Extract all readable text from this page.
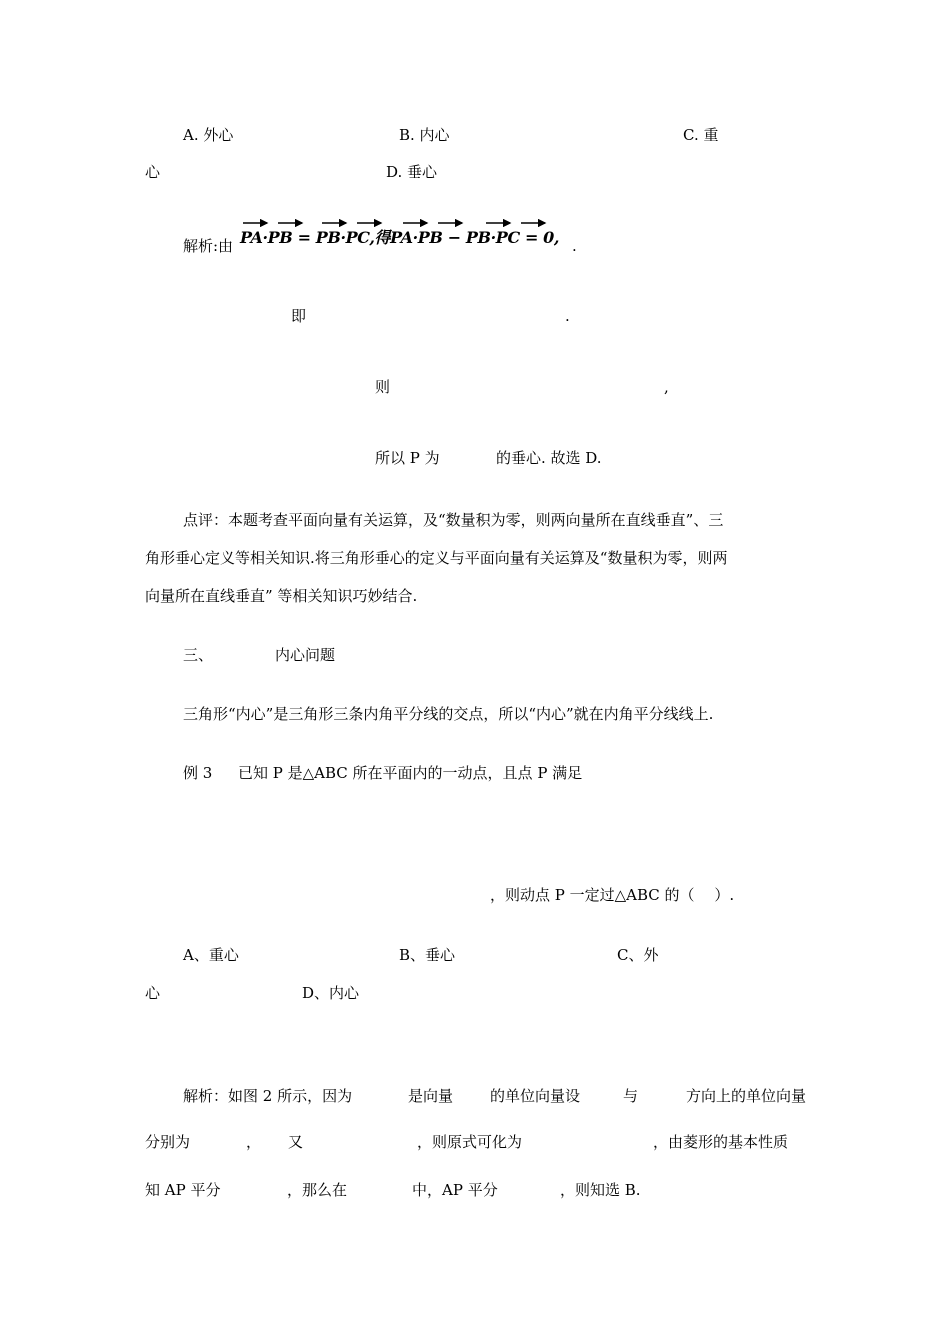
A. 外心	B. 内心	C. 重
心	D. 垂心
解析:由 PA·PB = PB·PC,得PA·PB − PB·PC = 0, .
即	.
则	,
所以 P 为	的垂心. 故选 D.
点评：本题考查平面向量有关运算，及“数量积为零，则两向量所在直线垂直”、三
角形垂心定义等相关知识.将三角形垂心的定义与平面向量有关运算及“数量积为零，则两
向量所在直线垂直” 等相关知识巧妙结合.
三、	内心问题
三角形“内心”是三角形三条内角平分线的交点，所以“内心”就在内角平分线线上.
例 3 已知 P 是△ABC 所在平面内的一动点，且点 P 满足
，则动点 P 一定过△ABC 的（　 ）.
A、重心	B、垂心	C、外
心	D、内心
解析：如图 2 所示，因为	是向量 的单位向量设	与	方向上的单位向量
分别为	， 又	，则原式可化为	，由菱形的基本性质
知 AP 平分	，那么在	中，AP 平分	，则知选 B.
